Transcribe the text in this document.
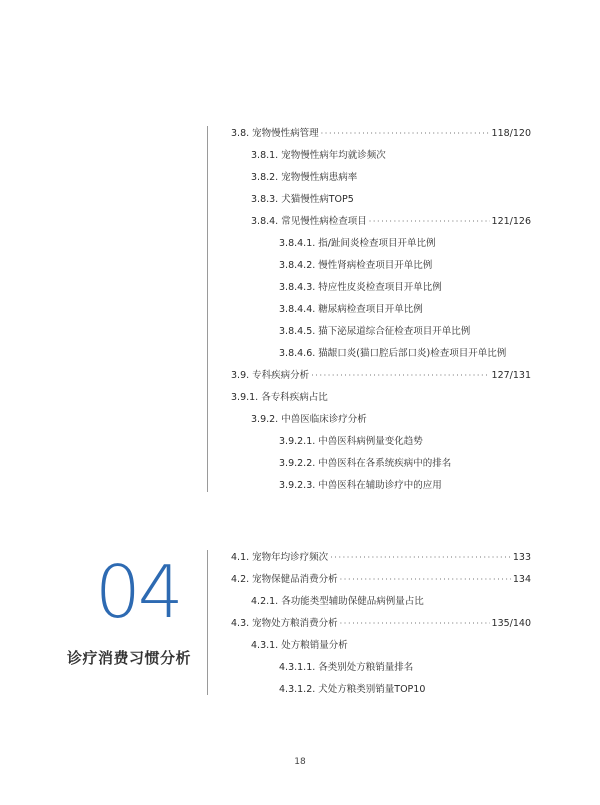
3.8. 宠物慢性病管理 ·····	118/120
3.8.1. 宠物慢性病年均就诊频次
3.8.2. 宠物慢性病患病率
3.8.3. 犬猫慢性病TOP5
3.8.4. 常见慢性病检查项目 ·····	121/126
3.8.4.1. 指/趾间炎检查项目开单比例
3.8.4.2. 慢性肾病检查项目开单比例
3.8.4.3. 特应性皮炎检查项目开单比例
3.8.4.4. 糖尿病检查项目开单比例
3.8.4.5. 猫下泌尿道综合征检查项目开单比例
3.8.4.6. 猫龈口炎(猫口腔后部口炎)检查项目开单比例
3.9. 专科疾病分析 ·····	127/131
3.9.1. 各专科疾病占比
3.9.2. 中兽医临床诊疗分析
3.9.2.1. 中兽医科病例量变化趋势
3.9.2.2. 中兽医科在各系统疾病中的排名
3.9.2.3. 中兽医科在辅助诊疗中的应用
04
诊疗消费习惯分析
4.1. 宠物年均诊疗频次 ·····	133
4.2. 宠物保健品消费分析 ·····	134
4.2.1. 各功能类型辅助保健品病例量占比
4.3. 宠物处方粮消费分析 ·····	135/140
4.3.1. 处方粮销量分析
4.3.1.1. 各类别处方粮销量排名
4.3.1.2. 犬处方粮类别销量TOP10
18
